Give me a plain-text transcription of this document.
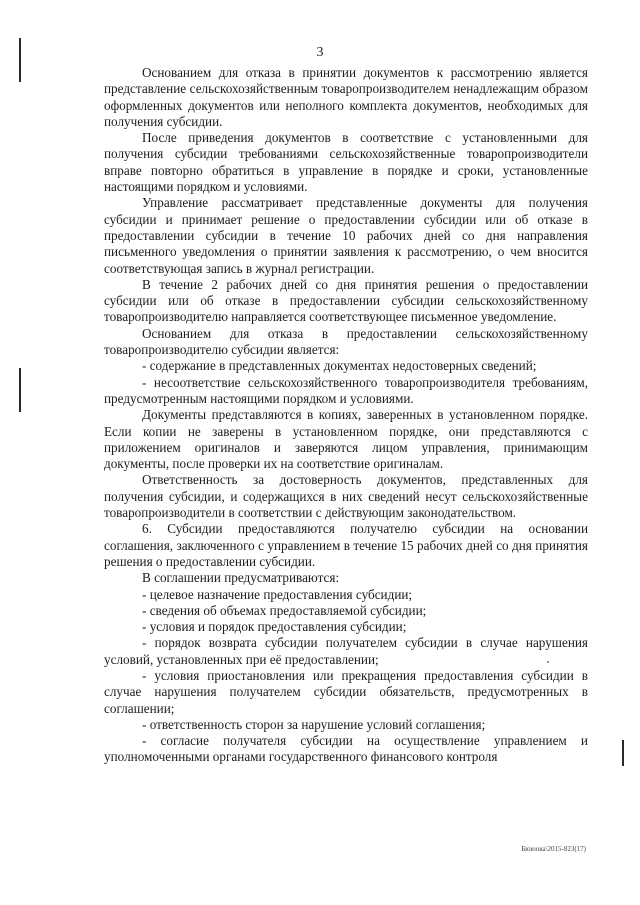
3

Основанием для отказа в принятии документов к рассмотрению является представление сельскохозяйственным товаропроизводителем ненадлежащим образом оформленных документов или неполного комплекта документов, необходимых для получения субсидии.

После приведения документов в соответствие с установленными для получения субсидии требованиями сельскохозяйственные товаропроизводители вправе повторно обратиться в управление в порядке и сроки, установленные настоящими порядком и условиями.

Управление рассматривает представленные документы для получения субсидии и принимает решение о предоставлении субсидии или об отказе в предоставлении субсидии в течение 10 рабочих дней со дня направления письменного уведомления о принятии заявления к рассмотрению, о чем вносится соответствующая запись в журнал регистрации.

В течение 2 рабочих дней со дня принятия решения о предоставлении субсидии или об отказе в предоставлении субсидии сельскохозяйственному товаропроизводителю направляется соответствующее письменное уведомление.

Основанием для отказа в предоставлении сельскохозяйственному товаропроизводителю субсидии является:

- содержание в представленных документах недостоверных сведений;

- несоответствие сельскохозяйственного товаропроизводителя требованиям, предусмотренным настоящими порядком и условиями.

Документы представляются в копиях, заверенных в установленном порядке. Если копии не заверены в установленном порядке, они представляются с приложением оригиналов и заверяются лицом управления, принимающим документы, после проверки их на соответствие оригиналам.

Ответственность за достоверность документов, представленных для получения субсидии, и содержащихся в них сведений несут сельскохозяйственные товаропроизводители в соответствии с действующим законодательством.

6. Субсидии предоставляются получателю субсидии на основании соглашения, заключенного с управлением в течение 15 рабочих дней со дня принятия решения о предоставлении субсидии.

В соглашении предусматриваются:

- целевое назначение предоставления субсидии;

- сведения об объемах предоставляемой субсидии;

- условия и порядок предоставления субсидии;

- порядок возврата субсидии получателем субсидии в случае нарушения условий, установленных при её предоставлении;

- условия приостановления или прекращения предоставления субсидии в случае нарушения получателем субсидии обязательств, предусмотренных в соглашении;

- ответственность сторон за нарушение условий соглашения;

- согласие получателя субсидии на осуществление управлением и уполномоченными органами государственного финансового контроля

Бююова\2015-823(17)
